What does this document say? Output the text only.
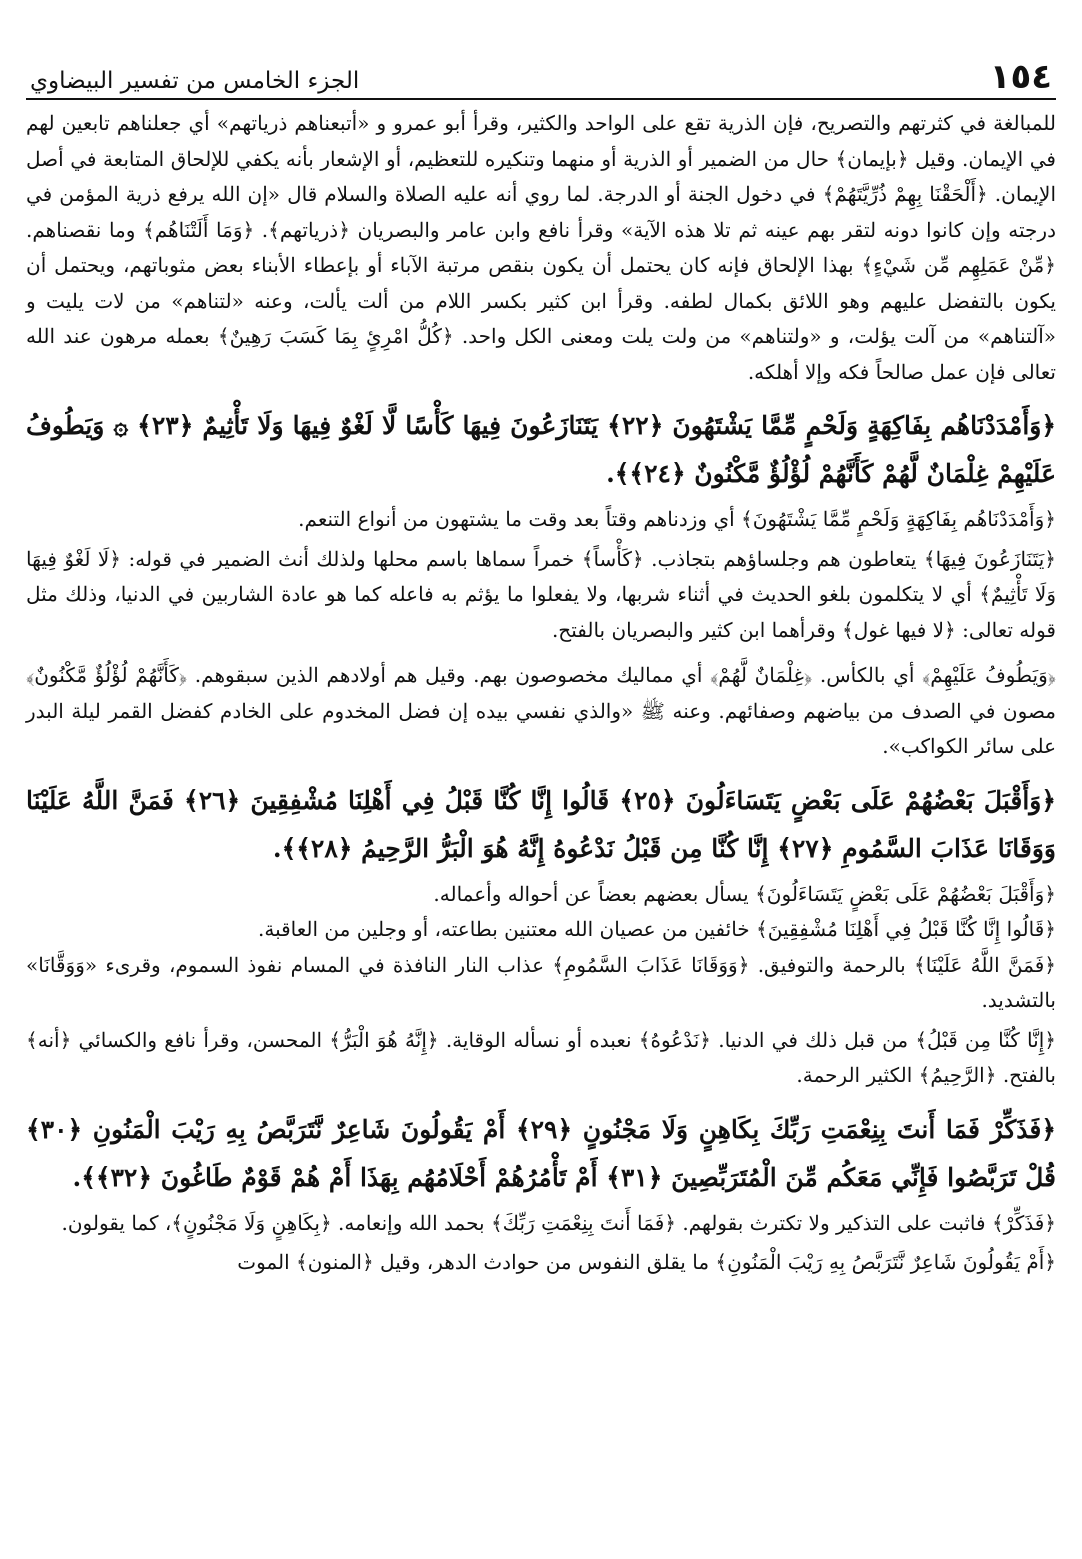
١٥٤
الجزء الخامس من تفسير البيضاوي

للمبالغة في كثرتهم والتصريح، فإن الذرية تقع على الواحد والكثير، وقرأ أبو عمرو و «أتبعناهم ذرياتهم» أي جعلناهم تابعين لهم في الإيمان. وقيل ﴿بإيمان﴾ حال من الضمير أو الذرية أو منهما وتنكيره للتعظيم، أو الإشعار بأنه يكفي للإلحاق المتابعة في أصل الإيمان. ﴿أَلْحَقْنَا بِهِمْ ذُرِّيَّتَهُمْ﴾ في دخول الجنة أو الدرجة. لما روي أنه عليه الصلاة والسلام قال «إن الله يرفع ذرية المؤمن في درجته وإن كانوا دونه لتقر بهم عينه ثم تلا هذه الآية» وقرأ نافع وابن عامر والبصريان ﴿ذرياتهم﴾. ﴿وَمَا أَلَتْنَاهُم﴾ وما نقصناهم. ﴿مِّنْ عَمَلِهِم مِّن شَيْءٍ﴾ بهذا الإلحاق فإنه كان يحتمل أن يكون بنقص مرتبة الآباء أو بإعطاء الأبناء بعض مثوباتهم، ويحتمل أن يكون بالتفضل عليهم وهو اللائق بكمال لطفه. وقرأ ابن كثير بكسر اللام من ألت يألت، وعنه «لتناهم» من لات يليت و «آلتناهم» من آلت يؤلت، و «ولتناهم» من ولت يلت ومعنى الكل واحد. ﴿كُلُّ امْرِئٍ بِمَا كَسَبَ رَهِينٌ﴾ بعمله مرهون عند الله تعالى فإن عمل صالحاً فكه وإلا أهلكه.

﴿وَأَمْدَدْنَاهُم بِفَاكِهَةٍ وَلَحْمٍ مِّمَّا يَشْتَهُونَ ﴿٢٢﴾ يَتَنَازَعُونَ فِيهَا كَأْسًا لَّا لَغْوٌ فِيهَا وَلَا تَأْثِيمٌ ﴿٢٣﴾ ۞ وَيَطُوفُ عَلَيْهِمْ غِلْمَانٌ لَّهُمْ كَأَنَّهُمْ لُؤْلُؤٌ مَّكْنُونٌ ﴿٢٤﴾﴾.

﴿وَأَمْدَدْنَاهُم بِفَاكِهَةٍ وَلَحْمٍ مِّمَّا يَشْتَهُونَ﴾ أي وزدناهم وقتاً بعد وقت ما يشتهون من أنواع التنعم.

﴿يَتَنَازَعُونَ فِيهَا﴾ يتعاطون هم وجلساؤهم بتجاذب. ﴿كَأْساً﴾ خمراً سماها باسم محلها ولذلك أنث الضمير في قوله: ﴿لَا لَغْوٌ فِيهَا وَلَا تَأْثِيمٌ﴾ أي لا يتكلمون بلغو الحديث في أثناء شربها، ولا يفعلوا ما يؤثم به فاعله كما هو عادة الشاربين في الدنيا، وذلك مثل قوله تعالى: ﴿لا فيها غول﴾ وقرأهما ابن كثير والبصريان بالفتح.

﴿وَيَطُوفُ عَلَيْهِمْ﴾ أي بالكأس. ﴿غِلْمَانٌ لَّهُمْ﴾ أي مماليك مخصوصون بهم. وقيل هم أولادهم الذين سبقوهم. ﴿كَأَنَّهُمْ لُؤْلُؤٌ مَّكْنُونٌ﴾ مصون في الصدف من بياضهم وصفائهم. وعنه ﷺ «والذي نفسي بيده إن فضل المخدوم على الخادم كفضل القمر ليلة البدر على سائر الكواكب».

﴿وَأَقْبَلَ بَعْضُهُمْ عَلَى بَعْضٍ يَتَسَاءَلُونَ ﴿٢٥﴾ قَالُوا إِنَّا كُنَّا قَبْلُ فِي أَهْلِنَا مُشْفِقِينَ ﴿٢٦﴾ فَمَنَّ اللَّهُ عَلَيْنَا وَوَقَانَا عَذَابَ السَّمُومِ ﴿٢٧﴾ إِنَّا كُنَّا مِن قَبْلُ نَدْعُوهُ إِنَّهُ هُوَ الْبَرُّ الرَّحِيمُ ﴿٢٨﴾﴾.

﴿وَأَقْبَلَ بَعْضُهُمْ عَلَى بَعْضٍ يَتَسَاءَلُونَ﴾ يسأل بعضهم بعضاً عن أحواله وأعماله.

﴿قَالُوا إِنَّا كُنَّا قَبْلُ فِي أَهْلِنَا مُشْفِقِينَ﴾ خائفين من عصيان الله معتنين بطاعته، أو وجلين من العاقبة.

﴿فَمَنَّ اللَّهُ عَلَيْنَا﴾ بالرحمة والتوفيق. ﴿وَوَقَانَا عَذَابَ السَّمُومِ﴾ عذاب النار النافذة في المسام نفوذ السموم، وقرىء «وَوَقَّانَا» بالتشديد.

﴿إِنَّا كُنَّا مِن قَبْلُ﴾ من قبل ذلك في الدنيا. ﴿نَدْعُوهُ﴾ نعبده أو نسأله الوقاية. ﴿إِنَّهُ هُوَ الْبَرُّ﴾ المحسن، وقرأ نافع والكسائي ﴿أنه﴾ بالفتح. ﴿الرَّحِيمُ﴾ الكثير الرحمة.

﴿فَذَكِّرْ فَمَا أَنتَ بِنِعْمَتِ رَبِّكَ بِكَاهِنٍ وَلَا مَجْنُونٍ ﴿٢٩﴾ أَمْ يَقُولُونَ شَاعِرٌ نَّتَرَبَّصُ بِهِ رَيْبَ الْمَنُونِ ﴿٣٠﴾ قُلْ تَرَبَّصُوا فَإِنِّي مَعَكُم مِّنَ الْمُتَرَبِّصِينَ ﴿٣١﴾ أَمْ تَأْمُرُهُمْ أَحْلَامُهُم بِهَذَا أَمْ هُمْ قَوْمٌ طَاغُونَ ﴿٣٢﴾﴾.

﴿فَذَكِّرْ﴾ فاثبت على التذكير ولا تكترث بقولهم. ﴿فَمَا أَنتَ بِنِعْمَتِ رَبِّكَ﴾ بحمد الله وإنعامه. ﴿بِكَاهِنٍ وَلَا مَجْنُونٍ﴾، كما يقولون.

﴿أَمْ يَقُولُونَ شَاعِرٌ نَّتَرَبَّصُ بِهِ رَيْبَ الْمَنُونِ﴾ ما يقلق النفوس من حوادث الدهر، وقيل ﴿المنون﴾ الموت
